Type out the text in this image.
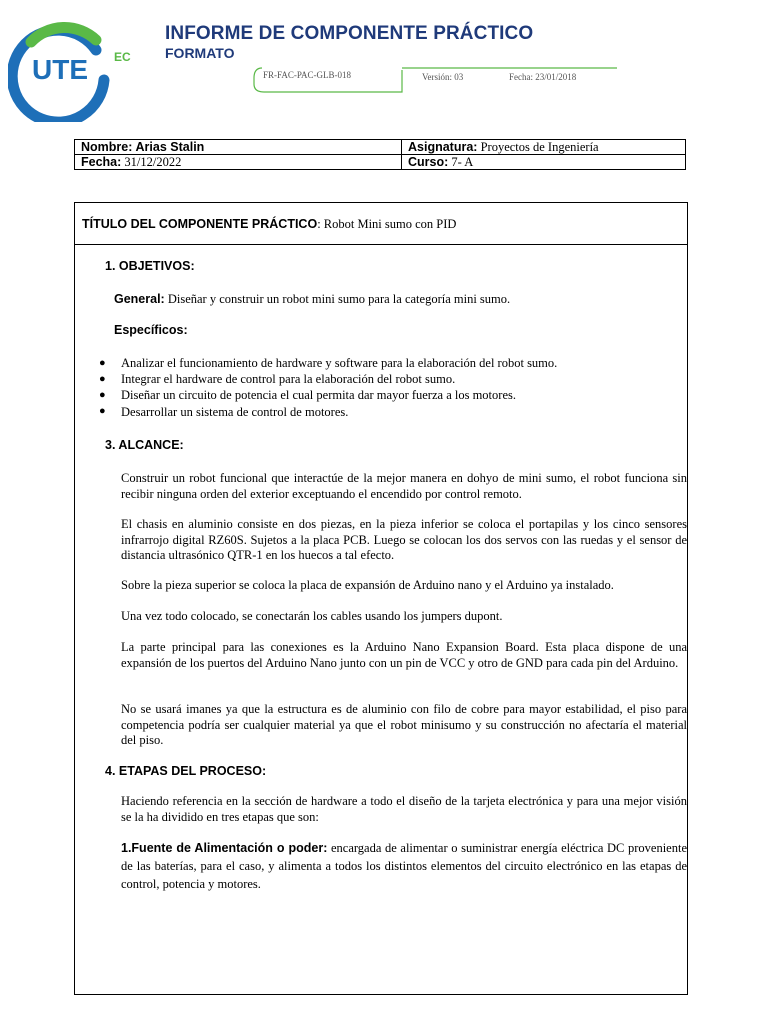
UTE EC
INFORME DE COMPONENTE PRÁCTICO
FORMATO
FR-FAC-PAC-GLB-018	Versión: 03	Fecha: 23/01/2018
Nombre: Arias Stalin	Asignatura: Proyectos de Ingeniería
Fecha: 31/12/2022	Curso: 7- A
TÍTULO DEL COMPONENTE PRÁCTICO: Robot Mini sumo con PID
1. OBJETIVOS:
General: Diseñar y construir un robot mini sumo para la categoría mini sumo.
Específicos:
● Analizar el funcionamiento de hardware y software para la elaboración del robot sumo.
● Integrar el hardware de control para la elaboración del robot sumo.
● Diseñar un circuito de potencia el cual permita dar mayor fuerza a los motores.
● Desarrollar un sistema de control de motores.
3. ALCANCE:
Construir un robot funcional que interactúe de la mejor manera en dohyo de mini sumo, el robot funciona sin recibir ninguna orden del exterior exceptuando el encendido por control remoto.
El chasis en aluminio consiste en dos piezas, en la pieza inferior se coloca el portapilas y los cinco sensores infrarrojo digital RZ60S. Sujetos a la placa PCB. Luego se colocan los dos servos con las ruedas y el sensor de distancia ultrasónico QTR-1 en los huecos a tal efecto.
Sobre la pieza superior se coloca la placa de expansión de Arduino nano y el Arduino ya instalado.
Una vez todo colocado, se conectarán los cables usando los jumpers dupont.
La parte principal para las conexiones es la Arduino Nano Expansion Board. Esta placa dispone de una expansión de los puertos del Arduino Nano junto con un pin de VCC y otro de GND para cada pin del Arduino.
No se usará imanes ya que la estructura es de aluminio con filo de cobre para mayor estabilidad, el piso para competencia podría ser cualquier material ya que el robot minisumo y su construcción no afectaría el material del piso.
4. ETAPAS DEL PROCESO:
Haciendo referencia en la sección de hardware a todo el diseño de la tarjeta electrónica y para una mejor visión se la ha dividido en tres etapas que son:
1.Fuente de Alimentación o poder: encargada de alimentar o suministrar energía eléctrica DC proveniente de las baterías, para el caso, y alimenta a todos los distintos elementos del circuito electrónico en las etapas de control, potencia y motores.
